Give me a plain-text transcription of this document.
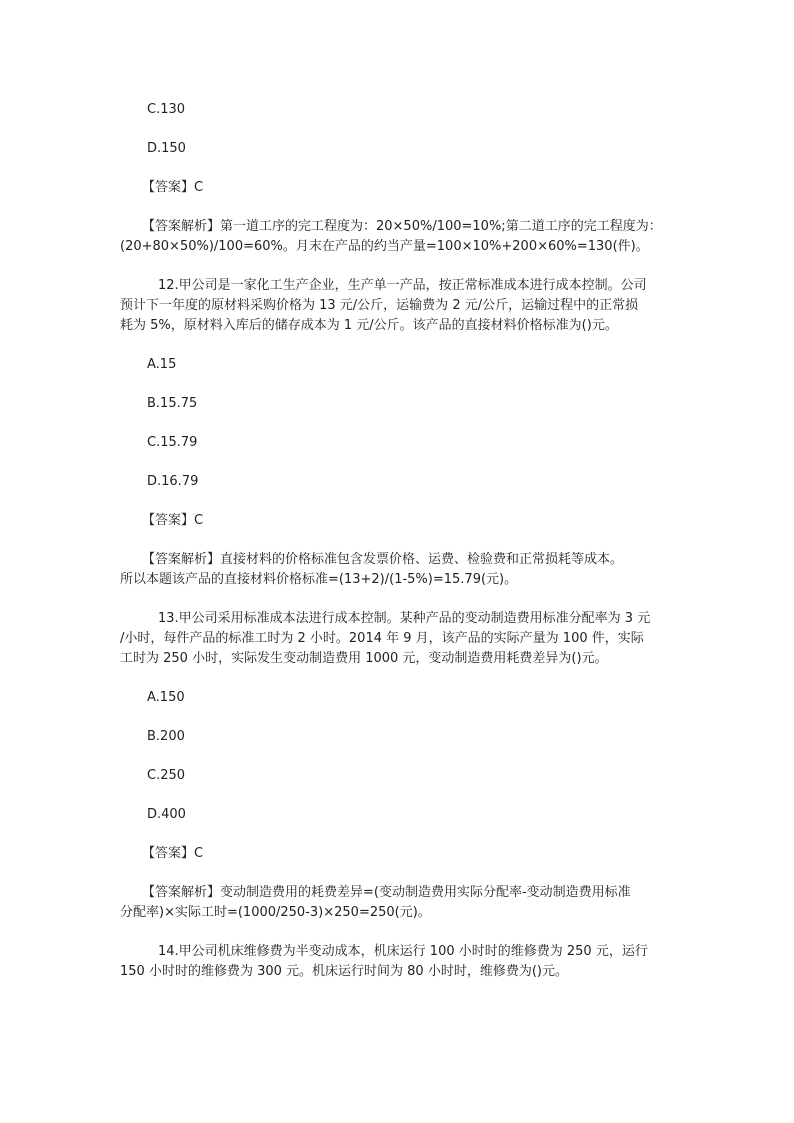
C.130

D.150

【答案】C

【答案解析】第一道工序的完工程度为：20×50%/100=10%;第二道工序的完工程度为：
(20+80×50%)/100=60%。月末在产品的约当产量=100×10%+200×60%=130(件)。

12.甲公司是一家化工生产企业，生产单一产品，按正常标准成本进行成本控制。公司
预计下一年度的原材料采购价格为 13 元/公斤，运输费为 2 元/公斤，运输过程中的正常损
耗为 5%，原材料入库后的储存成本为 1 元/公斤。该产品的直接材料价格标准为()元。

A.15

B.15.75

C.15.79

D.16.79

【答案】C

【答案解析】直接材料的价格标准包含发票价格、运费、检验费和正常损耗等成本。
所以本题该产品的直接材料价格标准=(13+2)/(1-5%)=15.79(元)。

13.甲公司采用标准成本法进行成本控制。某种产品的变动制造费用标准分配率为 3 元
/小时，每件产品的标准工时为 2 小时。2014 年 9 月，该产品的实际产量为 100 件，实际
工时为 250 小时，实际发生变动制造费用 1000 元，变动制造费用耗费差异为()元。

A.150

B.200

C.250

D.400

【答案】C

【答案解析】变动制造费用的耗费差异=(变动制造费用实际分配率-变动制造费用标准
分配率)×实际工时=(1000/250-3)×250=250(元)。

14.甲公司机床维修费为半变动成本，机床运行 100 小时时的维修费为 250 元，运行
150 小时时的维修费为 300 元。机床运行时间为 80 小时时，维修费为()元。
